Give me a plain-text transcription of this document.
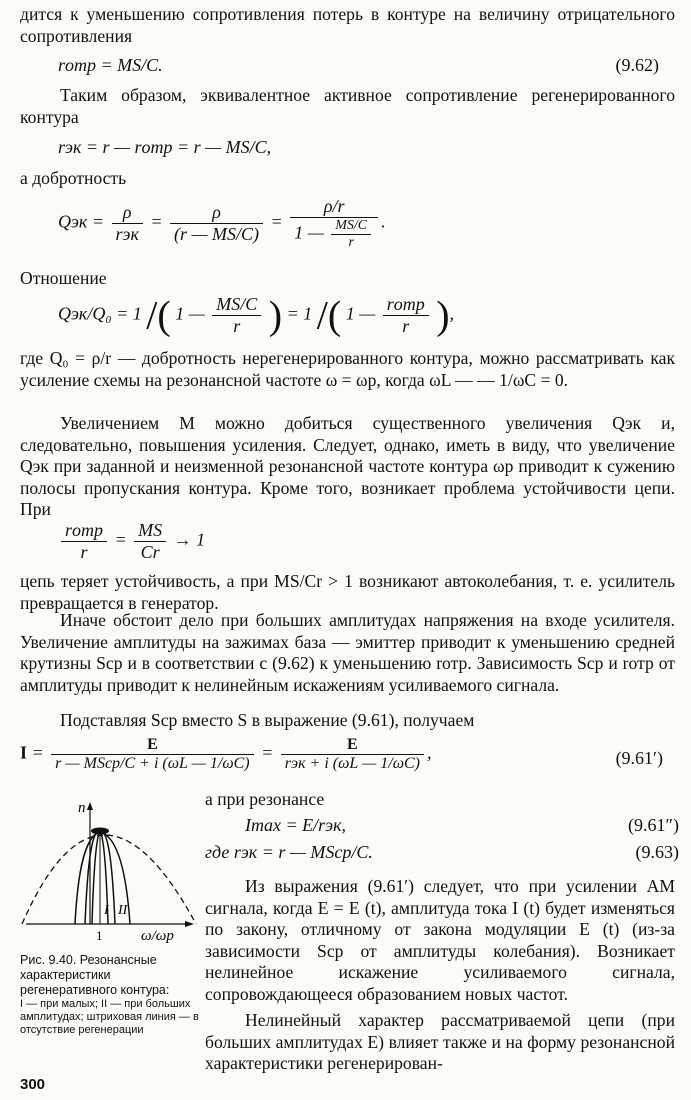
дится к уменьшению сопротивления потерь в контуре на величину отрицательного сопротивления
rотр = MS/C.	(9.62)
Таким образом, эквивалентное активное сопротивление регенерированного контура
rэк = r — rотр = r — MS/C,
а добротность
Qэк = $\frac{\rho}{\text{rэк}} = \frac{\rho}{(r — MS/C)} = \frac{\rho/r}{1 — \frac{MS/C}{r}}$ .
Отношение
Qэк/Q₀ = 1 /( 1 — $\frac{MS/C}{r}$ ) = 1 /( 1 — $\frac{\text{rотр}}{r}$ ),
где Q₀ = ρ/r — добротность нерегенерированного контура, можно рассматривать как усиление схемы на резонансной частоте ω = ωр, когда ωL — — 1/ωC = 0.
Увеличением M можно добиться существенного увеличения Qэк и, следовательно, повышения усиления. Следует, однако, иметь в виду, что увеличение Qэк при заданной и неизменной резонансной частоте контура ωр приводит к сужению полосы пропускания контура. Кроме того, возникает проблема устойчивости цепи. При
$\frac{\text{rотр}}{r} = \frac{MS}{Cr} \to 1$
цепь теряет устойчивость, а при MS/Cr > 1 возникают автоколебания, т. е. усилитель превращается в генератор.
Иначе обстоит дело при больших амплитудах напряжения на входе усилителя. Увеличение амплитуды на зажимах база — эмиттер приводит к уменьшению средней крутизны Sср и в соответствии с (9.62) к уменьшению rотр. Зависимость Sср и rотр от амплитуды приводит к нелинейным искажениям усиливаемого сигнала.
Подставляя Sср вместо S в выражение (9.61), получаем
$I = \frac{E}{\text{r — MSср/C + i (ωL — 1/ωC)}} = \frac{E}{\text{rэк + i (ωL — 1/ωC)}}$ ,	(9.61′)
n
ω/ωр
1
I II
Рис. 9.40. Резонансные характеристики регенеративного контура:
I — при малых; II — при больших амплитудах; штриховая линия — в отсутствие регенерации
а при резонансе
Imax = E/rэк,	(9.61″)
где rэк = r — MSср/C.	(9.63)
Из выражения (9.61′) следует, что при усилении АМ сигнала, когда E = E (t), амплитуда тока I (t) будет изменяться по закону, отличному от закона модуляции E (t) (из-за зависимости Sср от амплитуды колебания). Возникает нелинейное искажение усиливаемого сигнала, сопровождающееся образованием новых частот.
Нелинейный характер рассматриваемой цепи (при больших амплитудах E) влияет также и на форму резонансной характеристики регенерирован-
300
